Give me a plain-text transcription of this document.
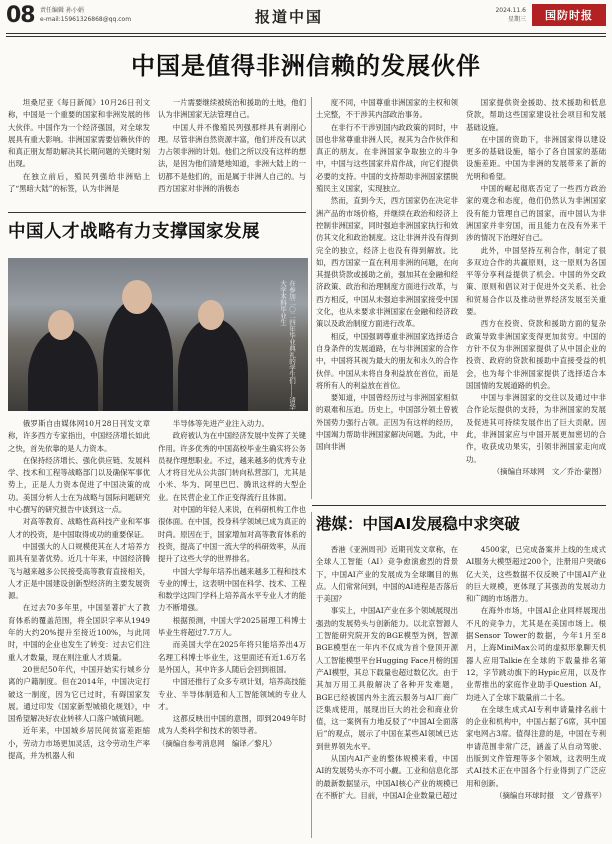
08 责任编辑 孙小娟
e-mail:15961326868@qq.com	报道中国	2024.11.6
星期三	国防时报
中国是值得非洲信赖的发展伙伴

坦桑尼亚《每日新闻》10月26日刊文称，中国是一个重要的国家和非洲发展的伟大伙伴。中国作为一个经济强国，对全球发展具有重大影响。非洲国家需要信赖伙伴的和真正朋友帮助解决其长期问题的关键时刻出现。

在独立前后，殖民列强给非洲贴上了“黑暗大陆”的标签，认为非洲是

一片需要继续被统治和援助的土地，他们认为非洲国家无法管理自己。

中国人并不像殖民列强那样具有剥削心理。尽管非洲自然资源丰富，他们并没有以武力占领非洲的计划。他们之所以没有这样的想法，是因为他们清楚地知道，非洲大陆上的一切都不是他们的，而是属于非洲人自己的。与西方国家对非洲的消极态

度不同，中国尊重非洲国家的主权和领土完整，不干涉其内部政治事务。

在非行不干涉别国内政政策的同时，中国也非常尊重非洲人民，视其为合作伙伴和真正的朋友。在非洲国家争取独立的斗争中，中国与这些国家并肩作战，向它们提供必要的支持。中国的支持帮助非洲国家摆脱殖民主义国家，实现独立。

然而，直到今天，西方国家仍在决定非洲产品的市场价格，并继续在政治和经济上控制非洲国家，同时强迫非洲国家执行和效仿其文化和政治制度。这让非洲并没有得到完全的独立，经济上也没有得到解放。比如，西方国家一直在利用非洲的问题，在向其提供贷款或援助之前，强加其在金融和经济政策、政治和治理制度方面进行改革，与西方相反，中国从未强迫非洲国家接受中国文化，也从未要求非洲国家在金融和经济政策以及政治制度方面进行改革。

相反，中国强调尊重非洲国家选择适合自身条件的发展道路，在与非洲国家的合作中，中国将其视为最大的朋友和永久的合作伙伴。中国从未将自身利益放在首位，而是将所有人的利益放在首位。

要知道，中国曾经历过与非洲国家相似的艰难和压迫。历史上，中国部分领土曾被外国势力强行占领。正因为有这样的经历，中国竭力帮助非洲国家解决问题。为此，中国向非洲

国家提供资金援助、技术援助和低息贷款，帮助这些国家建设社会项目和发展基础设施。

在中国的资助下，非洲国家得以建设更多的基础设施，缩小了各自国家的基础设施差距。中国为非洲的发展带来了新的光明和希望。

中国的崛起彻底否定了一些西方政治家的观念和态度，他们仍然认为非洲国家没有能力管理自己的国家，而中国认为非洲国家并非穷国，而且能力在没有外来干涉的情况下治理好自己。

此外，中国坚持互利合作，制定了很多双边合作的共赢原则，这一原则为各国平等分享利益提供了机会。中国的外交政策、原则和倡议对于促进外交关系、社会和贸易合作以及推动世界经济发展至关重要。

西方在投资、贷款和援助方面的复杂政策导致非洲国家变得更加贫穷。中国的方针不仅为非洲国家提供了从中国企业的投资、政府的贷款和援助中直接受益的机会，也为每个非洲国家提供了选择适合本国国情的发展道路的机会。

中国与非洲国家的交往以及通过中非合作论坛提供的支持，为非洲国家的发展及促进其可持续发展作出了巨大贡献。因此，非洲国家应与中国开展更加密切的合作，收获成功果实，引领非洲国家走向成功。

（摘编自环球网　文／乔治·蒙图）

中国人才战略有力支撑国家发展
在参加二〇二四年毕业典礼的学生们——清华大学本科毕业生

俄罗斯自由媒体网10月28日刊发文章称，许多西方专家指出，中国经济增长如此之快，首先依靠的是人力资本。

在保持经济增长、强化供应链、发展科学、技术和工程等战略部门以及确保军事优势上，正是人力资本促进了中国决策的成功。美国分析人士在为战略与国际问题研究中心撰写的研究报告中谈到这一点。

对高等教育、战略性高科技产业和军事人才的投资，是中国取得成功的重要保证。

中国强大的人口规模使其在人才培养方面具有显著优势。近几十年来，中国经济腾飞与越来越多公民接受高等教育直接相关，人才正是中国建设创新型经济的主要发展资源。

在过去70多年里，中国显著扩大了教育体系的覆盖范围，将全国识字率从1949年的大约20%提升至接近100%，与此同时，中国的企业也发生了转变：过去它们注重人才数量，现在则注重人才质量。

20世纪50年代，中国开始实行城乡分离的户籍制度。但在2014年，中国决定打破这一制度，因为它已过时，有碍国家发展。通过印发《国家新型城镇化规划》，中国希望解决好农业转移人口落户城镇问题。

近年来，中国城乡居民间贫富差距缩小，劳动力市场更加灵活，这令劳动生产率提高，并为机器人和

半导体等先进产业注入动力。

政府被认为在中国经济发展中发挥了关键作用。许多优秀的中国高校毕业生确实将公务员视作理想职业。不过，越来越多的优秀专业人才将目光从公共部门转向私营部门，尤其是小米、华为、阿里巴巴、腾讯这样的大型企业。在民营企业工作正变得流行且体面。

对中国的年轻人来说，在科研机构工作也很体面。在中国，投身科学领域已成为真正的时尚。原因在于，国家增加对高等教育体系的投资，提高了中国一流大学的科研效率，从而提升了这些大学的世界排名。

中国大学每年培养出越来越多工程和技术专业的博士，这表明中国在科学、技术、工程和数学这四门学科上培养高水平专业人才的能力不断增强。

根据预测，中国大学2025届理工科博士毕业生将超过7.7万人。

而美国大学在2025年将只能培养出4万名理工科博士毕业生，这里面还有近1.6万名是外国人，其中许多人随后会回到祖国。

中国还推行了众多专项计划，培养高技能专业、半导体制造和人工智能领域的专业人才。

这都反映出中国的意图，即到2049年时成为人类科学和技术的领导者。

（摘编自参考消息网　编译／黎凡）

港媒：中国AI发展稳中求突破

香港《亚洲周刊》近期刊发文章称，在全球人工智能（AI）竞争愈演愈烈的背景下，中国AI产业的发展成为全球瞩目的焦点。人们常常问到，中国的AI进程是否落后于美国？

事实上，中国AI产业在多个领域展现出强劲的发展势头与创新能力。以北京智源人工智能研究院开发的BGE模型为例，智源BGE模型在一年内不仅成为首个登顶开源人工智能模型平台Hugging Face月榜的国产AI模型，其总下载量也超过数亿次。由于其加万用工具般解决了各种开发难题，BGE已经被国内外主流云服务与AI厂商广泛集成使用，展现出巨大的社会和商业价值，这一案例有力地反驳了“中国AI全面落后”的观点，展示了中国在某些AI领域已达到世界领先水平。

从国内AI产业的整体规模来看，中国AI的发展势头亦不可小觑。工业和信息化部的最新数据显示，中国AI核心产业的规模已在不断扩大。目前，中国AI企业数量已超过

4500家，已完成备案并上线的生成式AI服务大模型超过200个，注册用户突破6亿大关，这些数据不仅反映了中国AI产业的巨大规模，更体现了其强劲的发展动力和广阔的市场潜力。

在海外市场，中国AI企业同样展现出不凡的竞争力，尤其是在美国市场上。根据Sensor Tower的数据，今年1月至8月，上海MiniMax公司的虚拟形象聊天机器人应用Talkie在全球的下载量排名第12，字节跳动旗下的Hypic应用，以及作业帮推出的家庭作业助手Question AI，均进入了全球下载量前二十名。

在全球生成式AI专利申请量排名前十的企业和机构中，中国占据了6席，其中国家电网占3席。值得注意的是，中国在专利申请范围非常广泛，涵盖了从自动驾驶、出版到文件管理等多个领域，这表明生成式AI技术正在中国各个行业得到了广泛应用和创新。

（摘编自环球时报　文／曾燕平）
